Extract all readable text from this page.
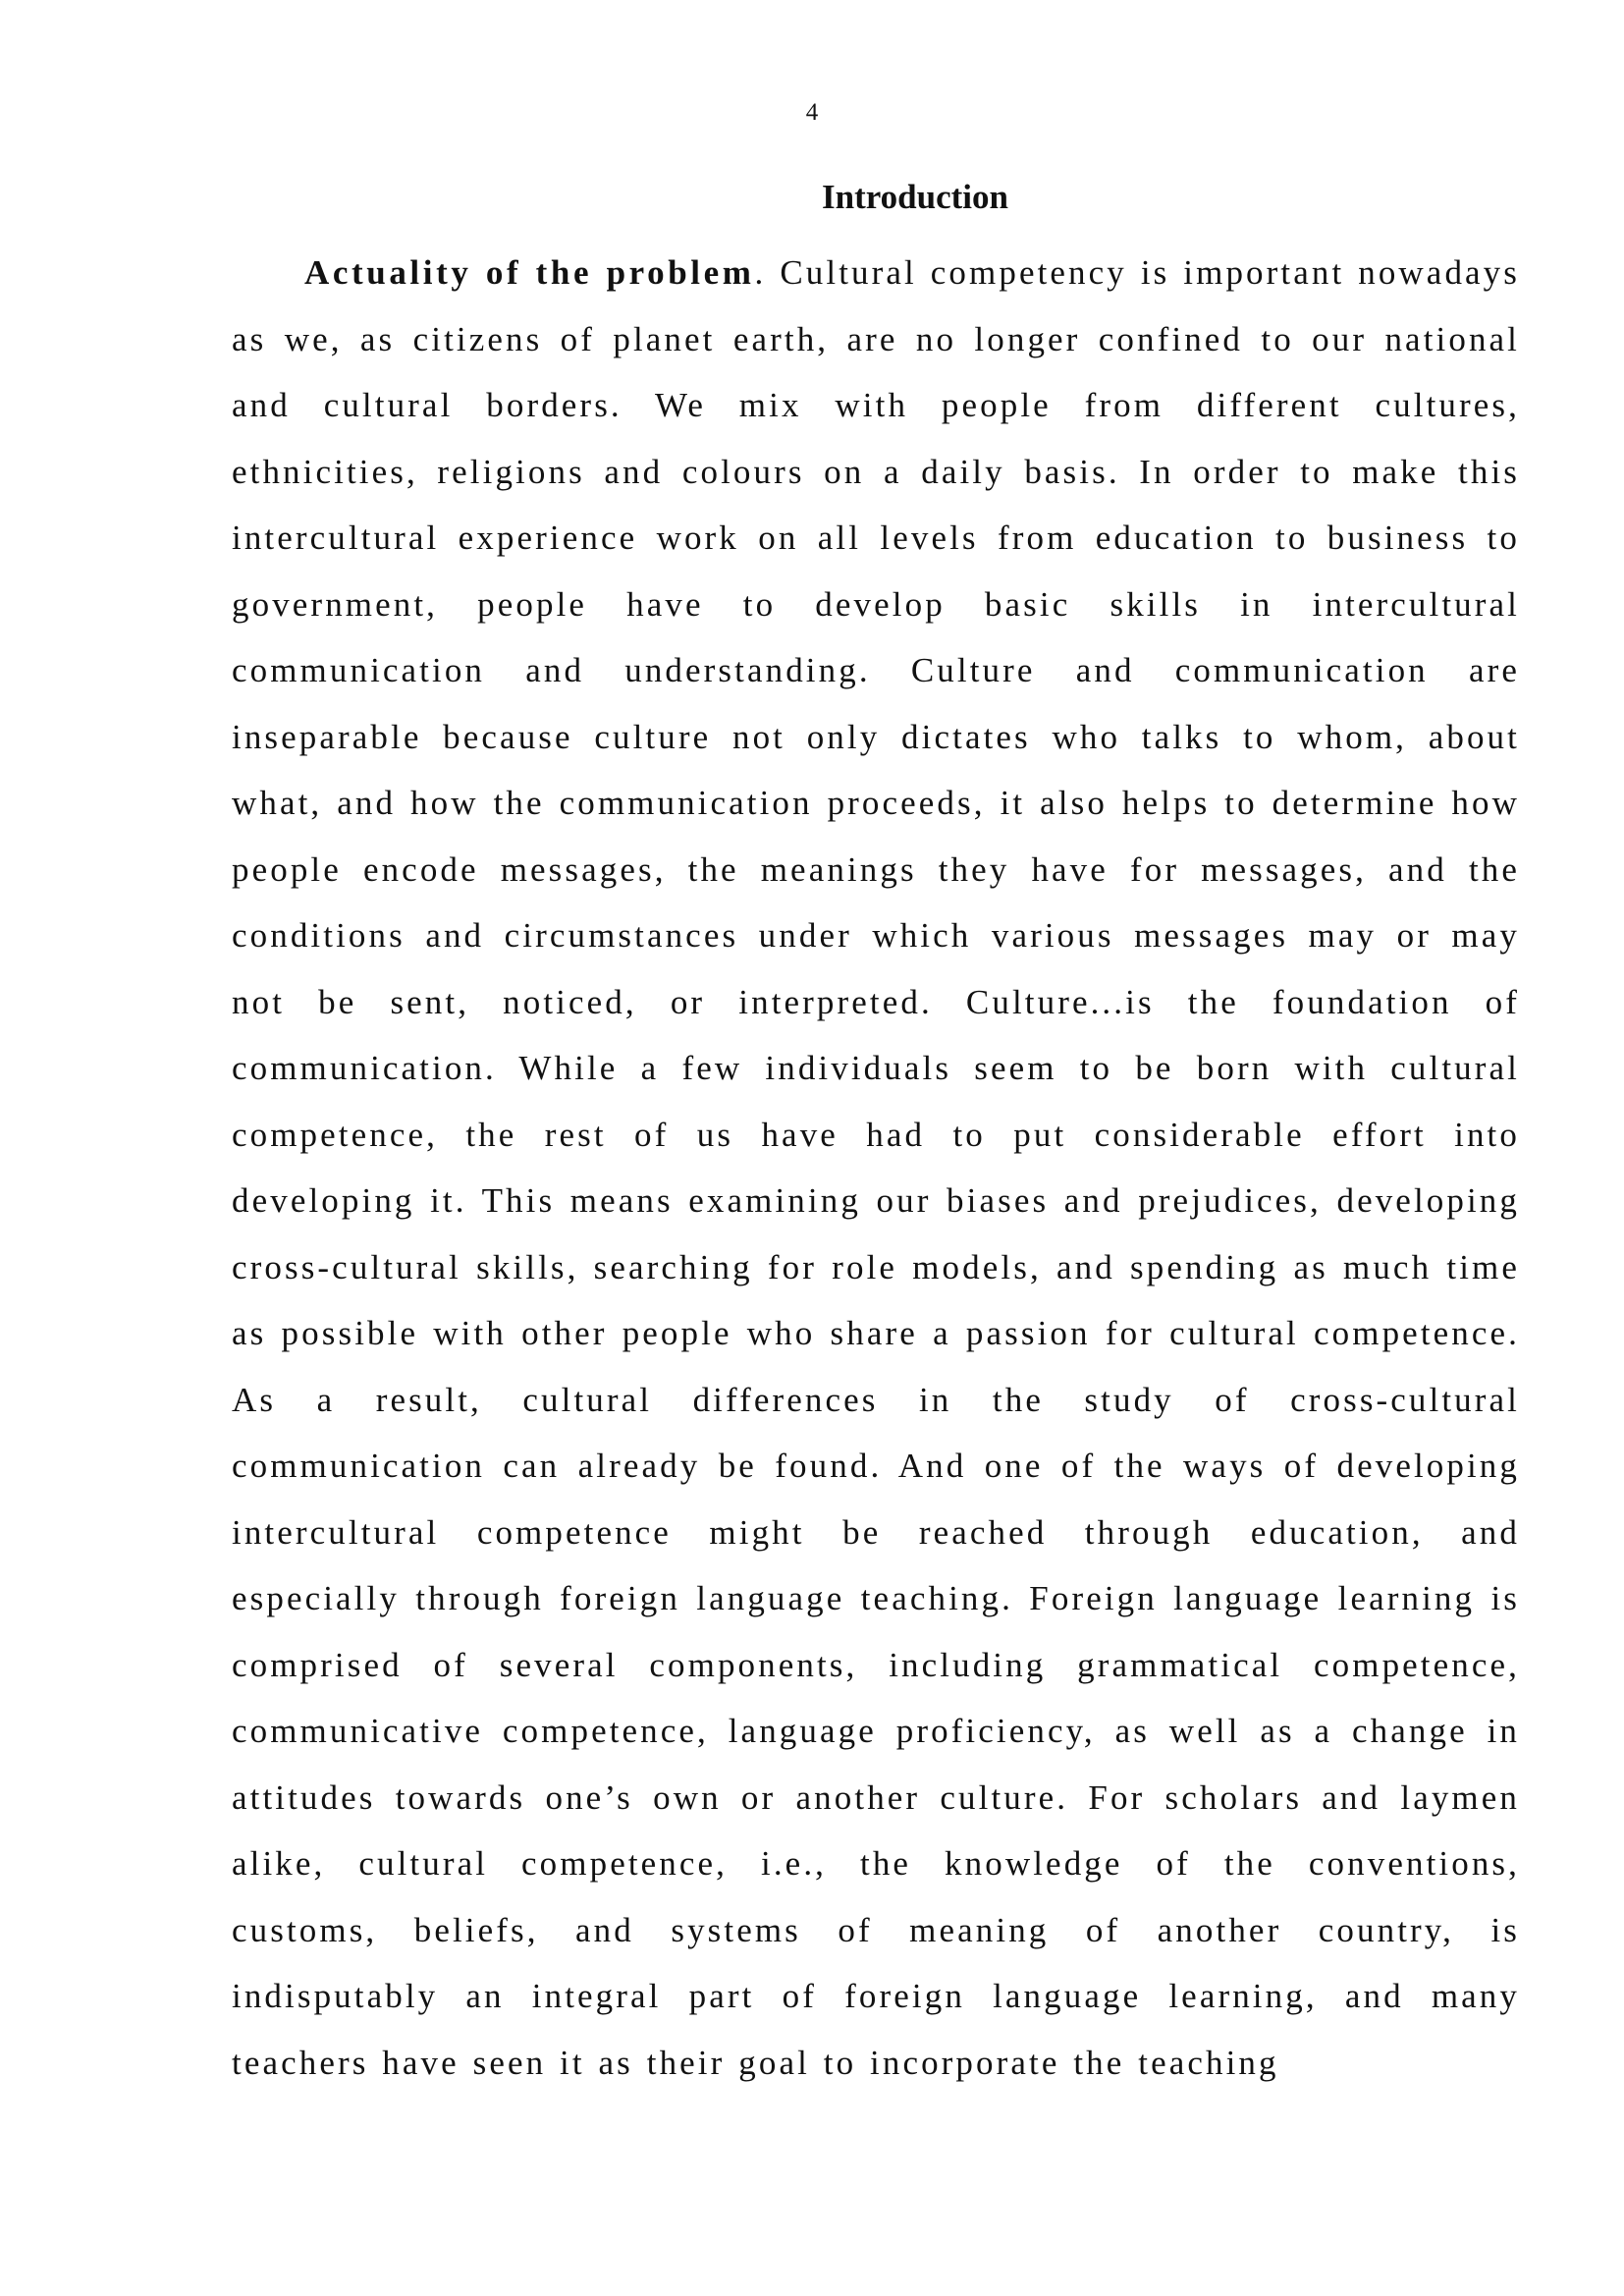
4
Introduction

Actuality of the problem. Cultural competency is important nowadays as we, as citizens of planet earth, are no longer confined to our national and cultural borders. We mix with people from different cultures, ethnicities, religions and colours on a daily basis. In order to make this intercultural experience work on all levels from education to business to government, people have to develop basic skills in intercultural communication and understanding. Culture and communication are inseparable because culture not only dictates who talks to whom, about what, and how the communication proceeds, it also helps to determine how people encode messages, the meanings they have for messages, and the conditions and circumstances under which various messages may or may not be sent, noticed, or interpreted. Culture...is the foundation of communication. While a few individuals seem to be born with cultural competence, the rest of us have had to put considerable effort into developing it. This means examining our biases and prejudices, developing cross-cultural skills, searching for role models, and spending as much time as possible with other people who share a passion for cultural competence. As a result, cultural differences in the study of cross-cultural communication can already be found. And one of the ways of developing intercultural competence might be reached through education, and especially through foreign language teaching. Foreign language learning is comprised of several components, including grammatical competence, communicative competence, language proficiency, as well as a change in attitudes towards one’s own or another culture. For scholars and laymen alike, cultural competence, i.e., the knowledge of the conventions, customs, beliefs, and systems of meaning of another country, is indisputably an integral part of foreign language learning, and many teachers have seen it as their goal to incorporate the teaching
